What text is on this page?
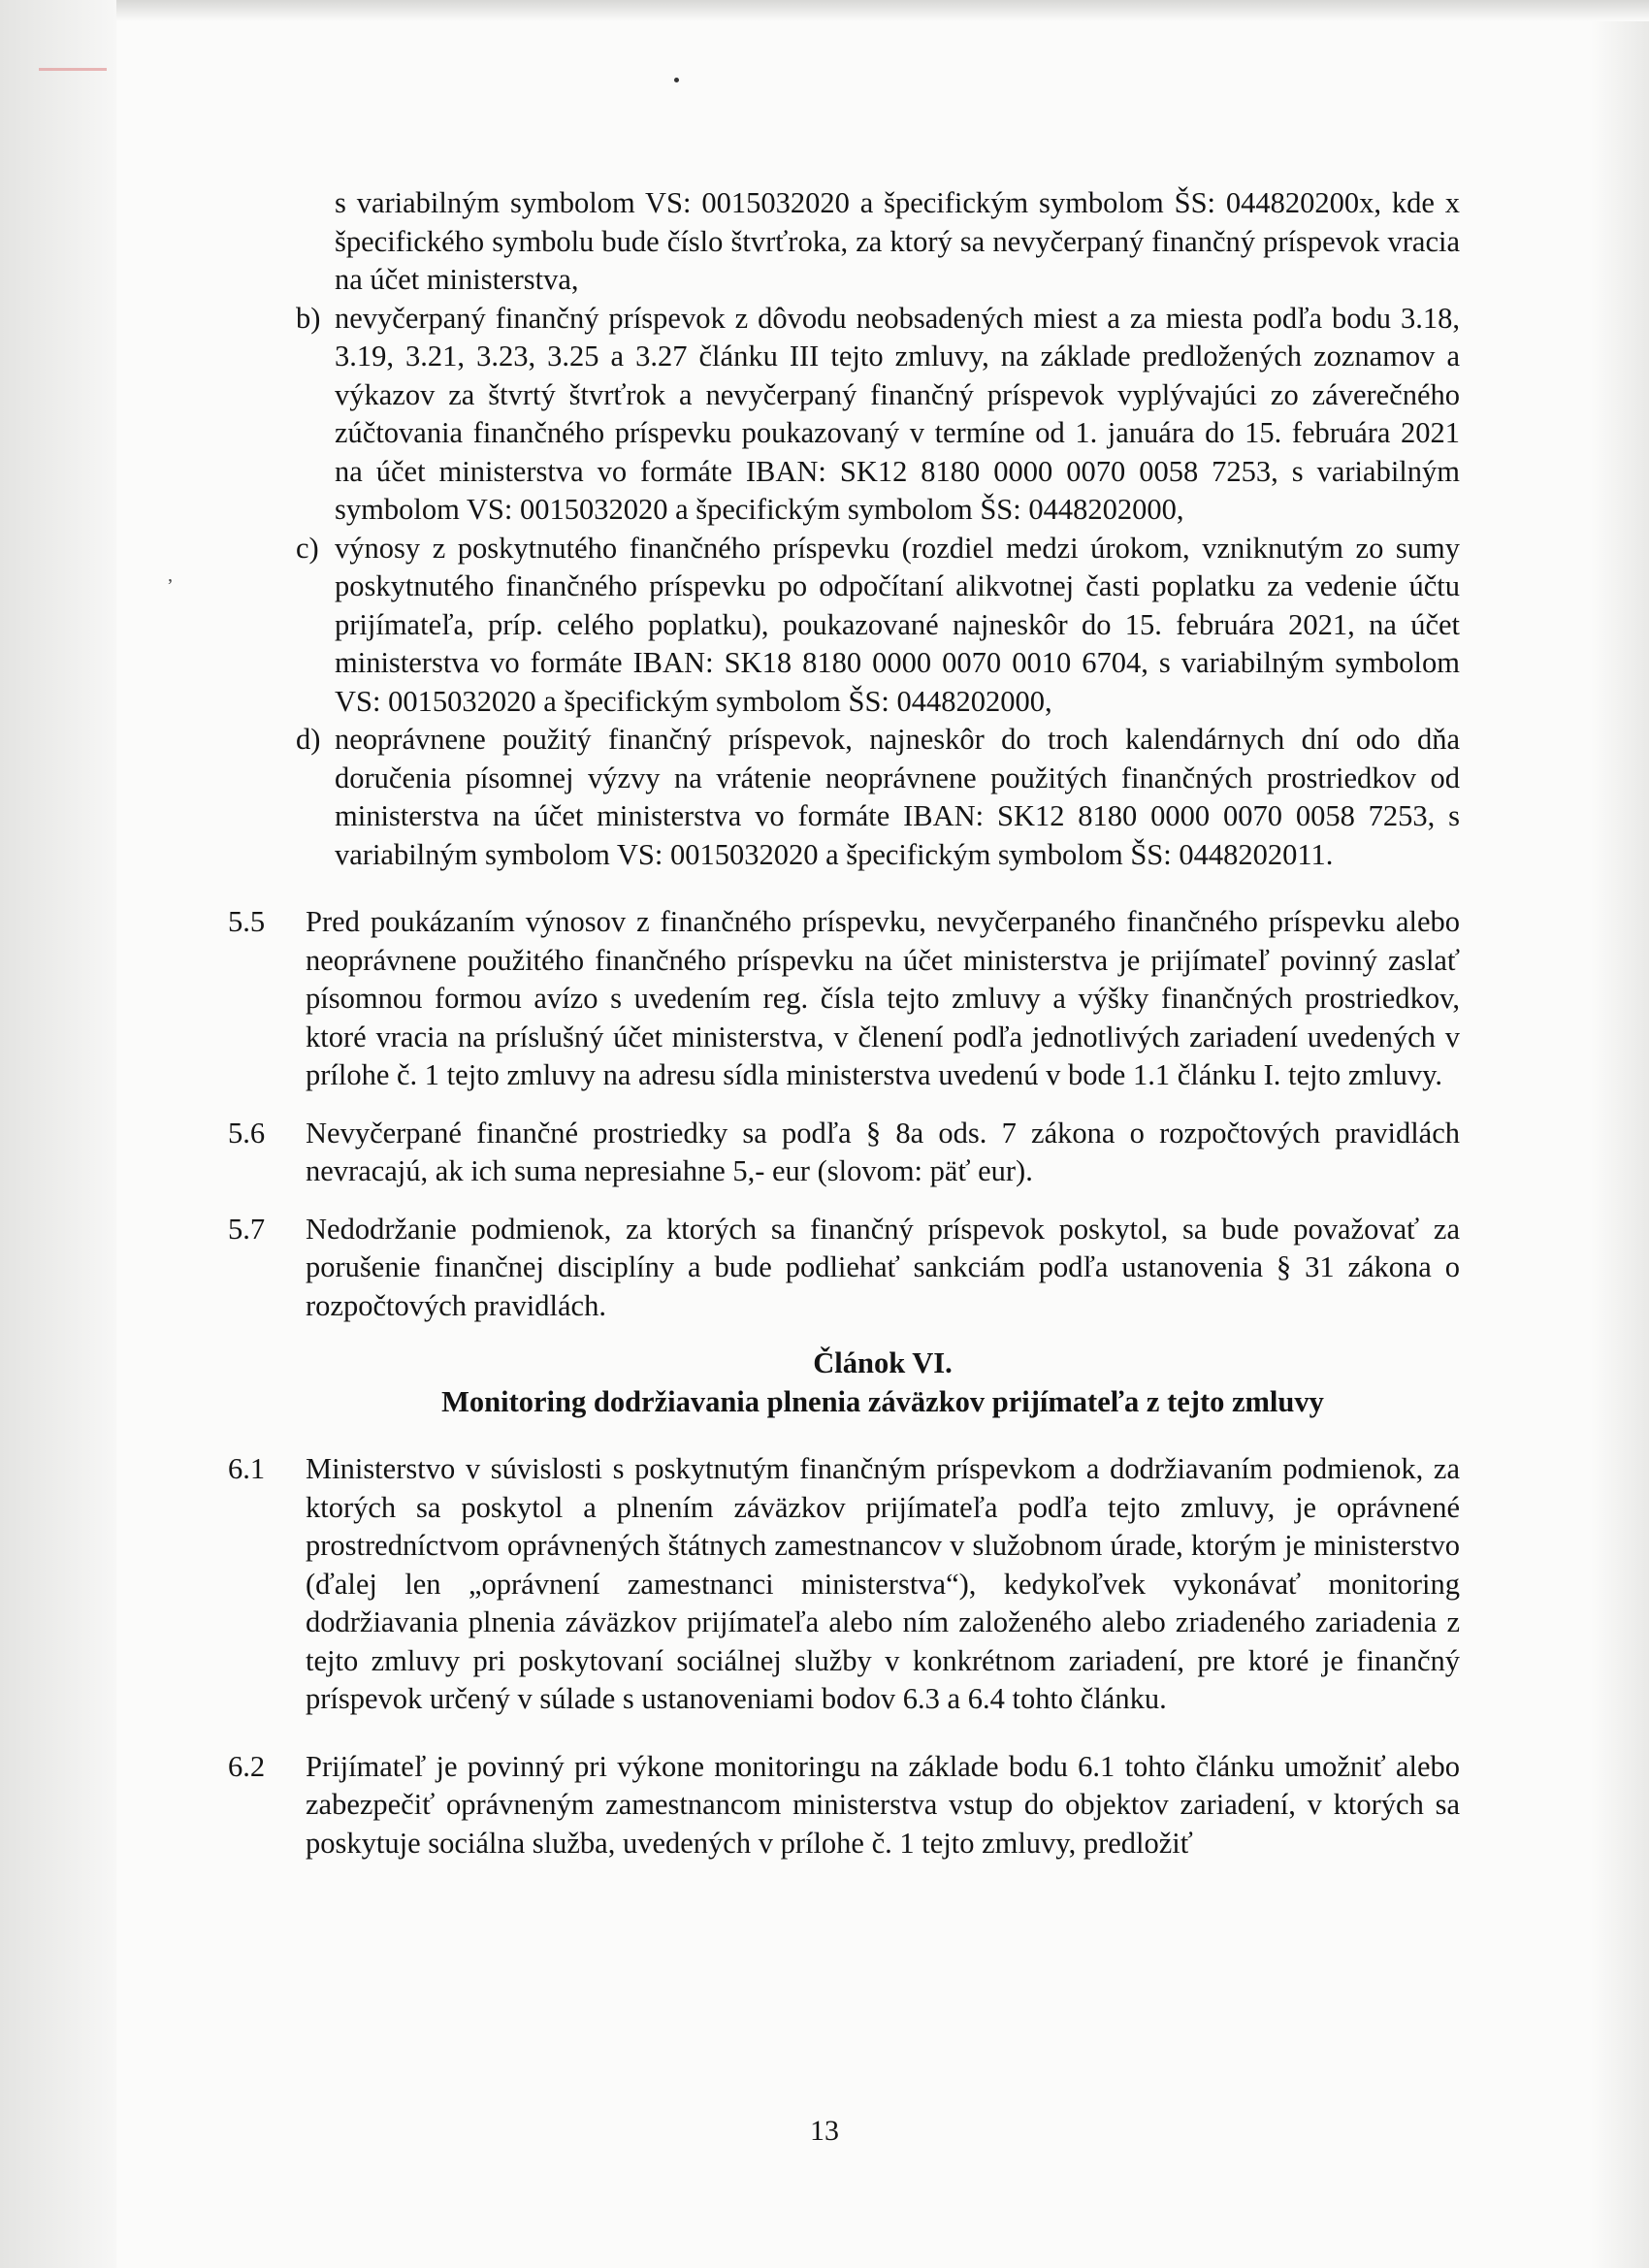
’
s variabilným symbolom VS: 0015032020 a špecifickým symbolom ŠS: 044820200x, kde x špecifického symbolu bude číslo štvrťroka, za ktorý sa nevyčerpaný finančný príspevok vracia na účet ministerstva,
b) nevyčerpaný finančný príspevok z dôvodu neobsadených miest a za miesta podľa bodu 3.18, 3.19, 3.21, 3.23, 3.25 a 3.27 článku III tejto zmluvy, na základe predložených zoznamov a výkazov za štvrtý štvrťrok a nevyčerpaný finančný príspevok vyplývajúci zo záverečného zúčtovania finančného príspevku poukazovaný v termíne od 1. januára do 15. februára 2021 na účet ministerstva vo formáte IBAN: SK12 8180 0000 0070 0058 7253, s variabilným symbolom VS: 0015032020 a špecifickým symbolom ŠS: 0448202000,
c) výnosy z poskytnutého finančného príspevku (rozdiel medzi úrokom, vzniknutým zo sumy poskytnutého finančného príspevku po odpočítaní alikvotnej časti poplatku za vedenie účtu prijímateľa, príp. celého poplatku), poukazované najneskôr do 15. februára 2021, na účet ministerstva vo formáte IBAN: SK18 8180 0000 0070 0010 6704, s variabilným symbolom VS: 0015032020 a špecifickým symbolom ŠS: 0448202000,
d) neoprávnene použitý finančný príspevok, najneskôr do troch kalendárnych dní odo dňa doručenia písomnej výzvy na vrátenie neoprávnene použitých finančných prostriedkov od ministerstva na účet ministerstva vo formáte IBAN: SK12 8180 0000 0070 0058 7253, s variabilným symbolom VS: 0015032020 a špecifickým symbolom ŠS: 0448202011.
5.5 Pred poukázaním výnosov z finančného príspevku, nevyčerpaného finančného príspevku alebo neoprávnene použitého finančného príspevku na účet ministerstva je prijímateľ povinný zaslať písomnou formou avízo s uvedením reg. čísla tejto zmluvy a výšky finančných prostriedkov, ktoré vracia na príslušný účet ministerstva, v členení podľa jednotlivých zariadení uvedených v prílohe č. 1 tejto zmluvy na adresu sídla ministerstva uvedenú v bode 1.1 článku I. tejto zmluvy.
5.6 Nevyčerpané finančné prostriedky sa podľa § 8a ods. 7 zákona o rozpočtových pravidlách nevracajú, ak ich suma nepresiahne 5,- eur (slovom: päť eur).
5.7 Nedodržanie podmienok, za ktorých sa finančný príspevok poskytol, sa bude považovať za porušenie finančnej disciplíny a bude podliehať sankciám podľa ustanovenia § 31 zákona o rozpočtových pravidlách.
Článok VI.
Monitoring dodržiavania plnenia záväzkov prijímateľa z tejto zmluvy
6.1 Ministerstvo v súvislosti s poskytnutým finančným príspevkom a dodržiavaním podmienok, za ktorých sa poskytol a plnením záväzkov prijímateľa podľa tejto zmluvy, je oprávnené prostredníctvom oprávnených štátnych zamestnancov v služobnom úrade, ktorým je ministerstvo (ďalej len „oprávnení zamestnanci ministerstva“), kedykoľvek vykonávať monitoring dodržiavania plnenia záväzkov prijímateľa alebo ním založeného alebo zriadeného zariadenia z tejto zmluvy pri poskytovaní sociálnej služby v konkrétnom zariadení, pre ktoré je finančný príspevok určený v súlade s ustanoveniami bodov 6.3 a 6.4 tohto článku.
6.2 Prijímateľ je povinný pri výkone monitoringu na základe bodu 6.1 tohto článku umožniť alebo zabezpečiť oprávneným zamestnancom ministerstva vstup do objektov zariadení, v ktorých sa poskytuje sociálna služba, uvedených v prílohe č. 1 tejto zmluvy, predložiť
13
